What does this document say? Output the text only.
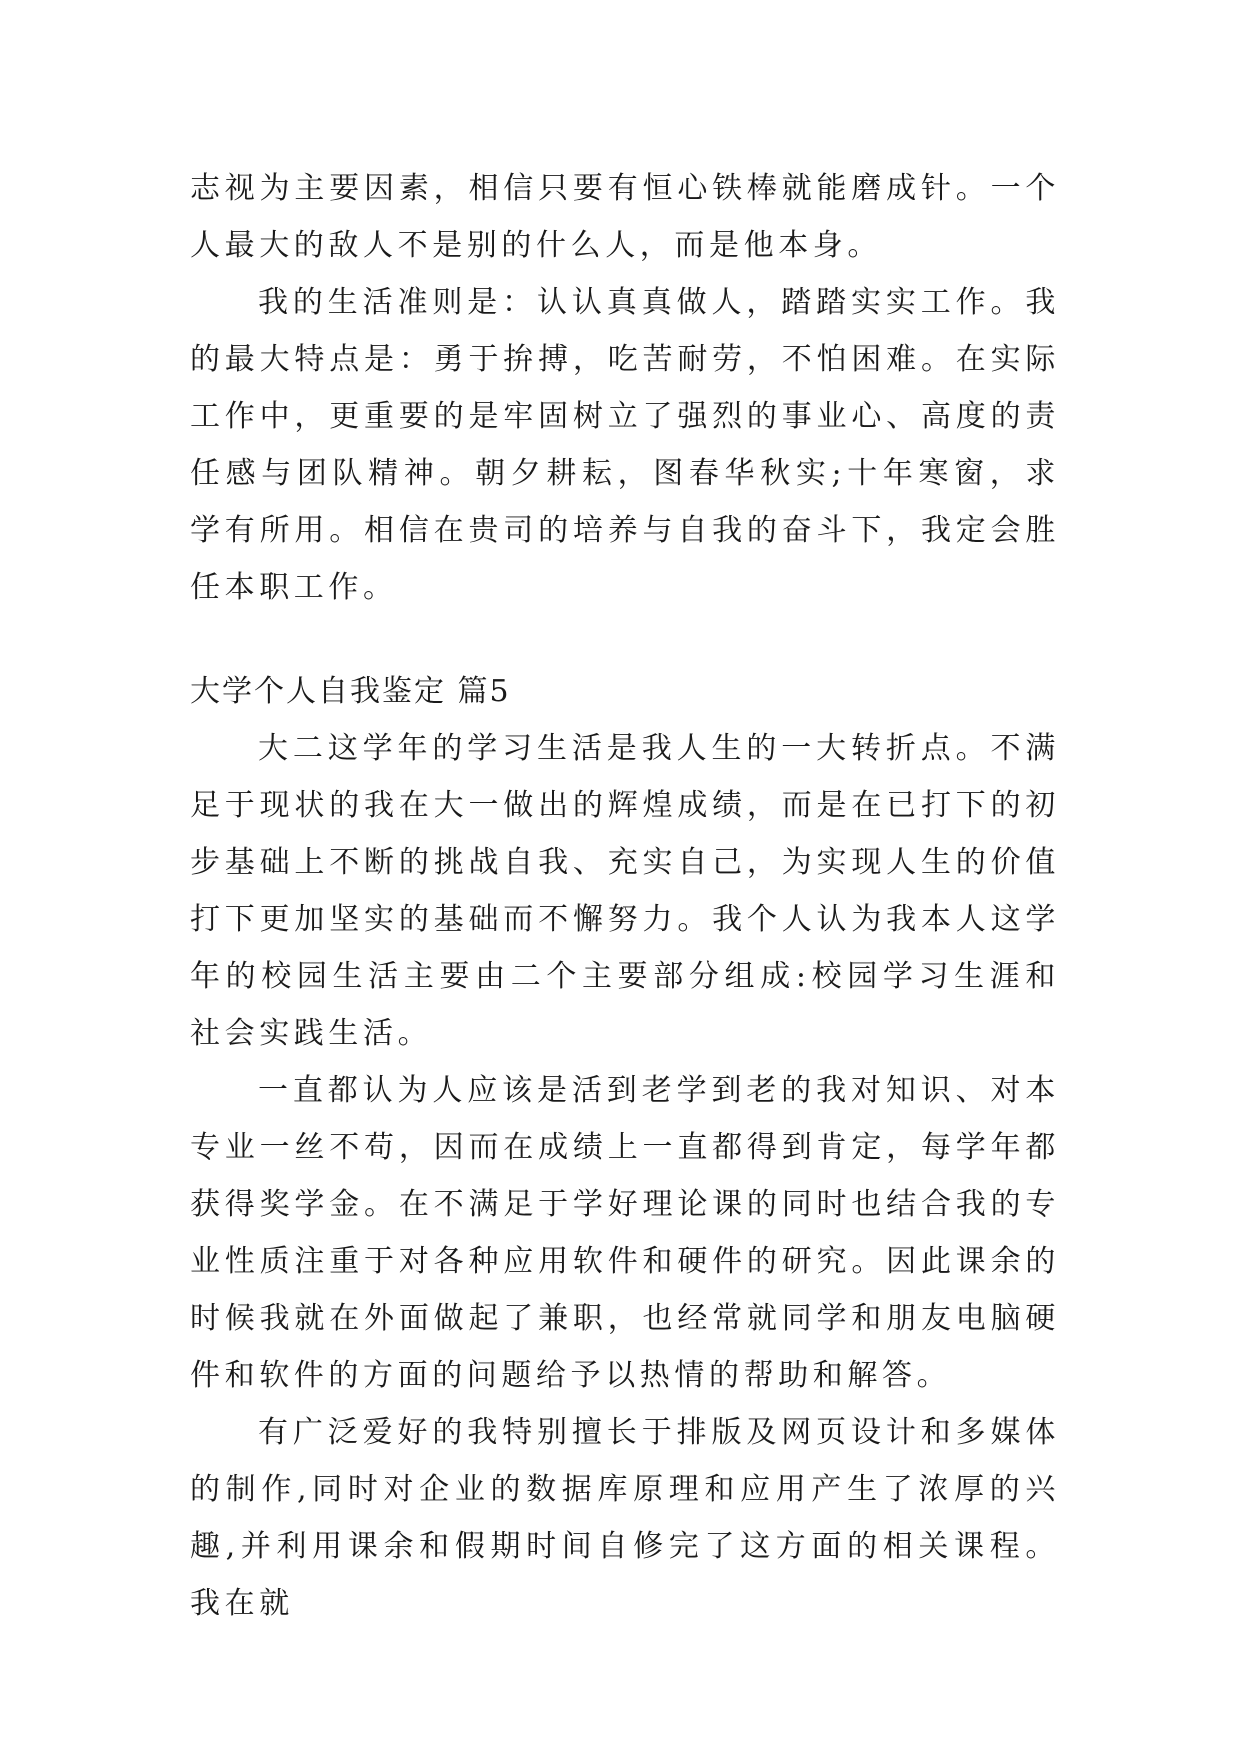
志视为主要因素，相信只要有恒心铁棒就能磨成针。一个人最大的敌人不是别的什么人，而是他本身。

我的生活准则是：认认真真做人，踏踏实实工作。我的最大特点是：勇于拚搏，吃苦耐劳，不怕困难。在实际工作中，更重要的是牢固树立了强烈的事业心、高度的责任感与团队精神。朝夕耕耘，图春华秋实;十年寒窗，求学有所用。相信在贵司的培养与自我的奋斗下，我定会胜任本职工作。

大学个人自我鉴定 篇5

大二这学年的学习生活是我人生的一大转折点。不满足于现状的我在大一做出的辉煌成绩，而是在已打下的初步基础上不断的挑战自我、充实自己，为实现人生的价值打下更加坚实的基础而不懈努力。我个人认为我本人这学年的校园生活主要由二个主要部分组成:校园学习生涯和社会实践生活。

一直都认为人应该是活到老学到老的我对知识、对本专业一丝不苟，因而在成绩上一直都得到肯定，每学年都获得奖学金。在不满足于学好理论课的同时也结合我的专业性质注重于对各种应用软件和硬件的研究。因此课余的时候我就在外面做起了兼职，也经常就同学和朋友电脑硬件和软件的方面的问题给予以热情的帮助和解答。

有广泛爱好的我特别擅长于排版及网页设计和多媒体的制作,同时对企业的数据库原理和应用产生了浓厚的兴趣,并利用课余和假期时间自修完了这方面的相关课程。我在就
